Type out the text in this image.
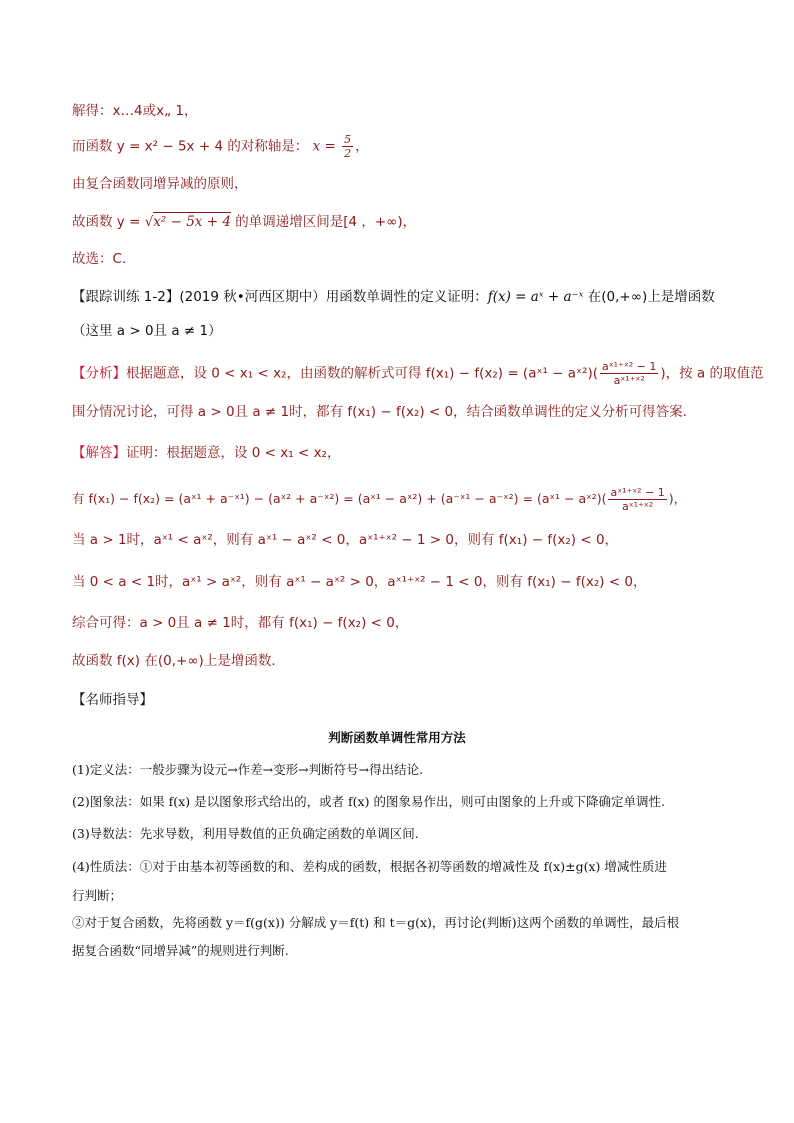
解得：x…4或x„ 1，
而函数 y = x² − 5x + 4 的对称轴是： $x = \frac{5}{2}$ ，
由复合函数同增异减的原则，
故函数 y = √x² − 5x + 4 的单调递增区间是[4 ，+∞)，
故选：C．
【跟踪训练 1-2】(2019 秋•河西区期中）用函数单调性的定义证明：f(x) = aˣ + a⁻ˣ 在(0,+∞)上是增函数
（这里 a > 0且 a ≠ 1）
【分析】根据题意，设 0 < x₁ < x₂，由函数的解析式可得 f(x₁) − f(x₂) = (aˣ¹ − aˣ²)( $\frac{\text{aˣ¹⁺ˣ² − 1}}{\text{aˣ¹⁺ˣ²}}$ )，按 a 的取值范
围分情况讨论，可得 a > 0且 a ≠ 1时，都有 f(x₁) − f(x₂) < 0，结合函数单调性的定义分析可得答案．
【解答】证明：根据题意，设 0 < x₁ < x₂，
有 f(x₁) − f(x₂) = (aˣ¹ + a⁻ˣ¹) − (aˣ² + a⁻ˣ²) = (aˣ¹ − aˣ²) + (a⁻ˣ¹ − a⁻ˣ²) = (aˣ¹ − aˣ²)( $\frac{\text{aˣ¹⁺ˣ² − 1}}{\text{aˣ¹⁺ˣ²}}$ )，
当 a > 1时，aˣ¹ < aˣ²，则有 aˣ¹ − aˣ² < 0，aˣ¹⁺ˣ² − 1 > 0，则有 f(x₁) − f(x₂) < 0，
当 0 < a < 1时，aˣ¹ > aˣ²，则有 aˣ¹ − aˣ² > 0，aˣ¹⁺ˣ² − 1 < 0，则有 f(x₁) − f(x₂) < 0，
综合可得：a > 0且 a ≠ 1时，都有 f(x₁) − f(x₂) < 0，
故函数 f(x) 在(0,+∞)上是增函数．
【名师指导】
判断函数单调性常用方法
(1)定义法：一般步骤为设元→作差→变形→判断符号→得出结论.
(2)图象法：如果 f(x) 是以图象形式给出的，或者 f(x) 的图象易作出，则可由图象的上升或下降确定单调性.
(3)导数法：先求导数，利用导数值的正负确定函数的单调区间.
(4)性质法：①对于由基本初等函数的和、差构成的函数，根据各初等函数的增减性及 f(x)±g(x) 增减性质进
行判断；
②对于复合函数，先将函数 y＝f(g(x)) 分解成 y＝f(t) 和 t＝g(x)，再讨论(判断)这两个函数的单调性，最后根
据复合函数“同增异减”的规则进行判断.
